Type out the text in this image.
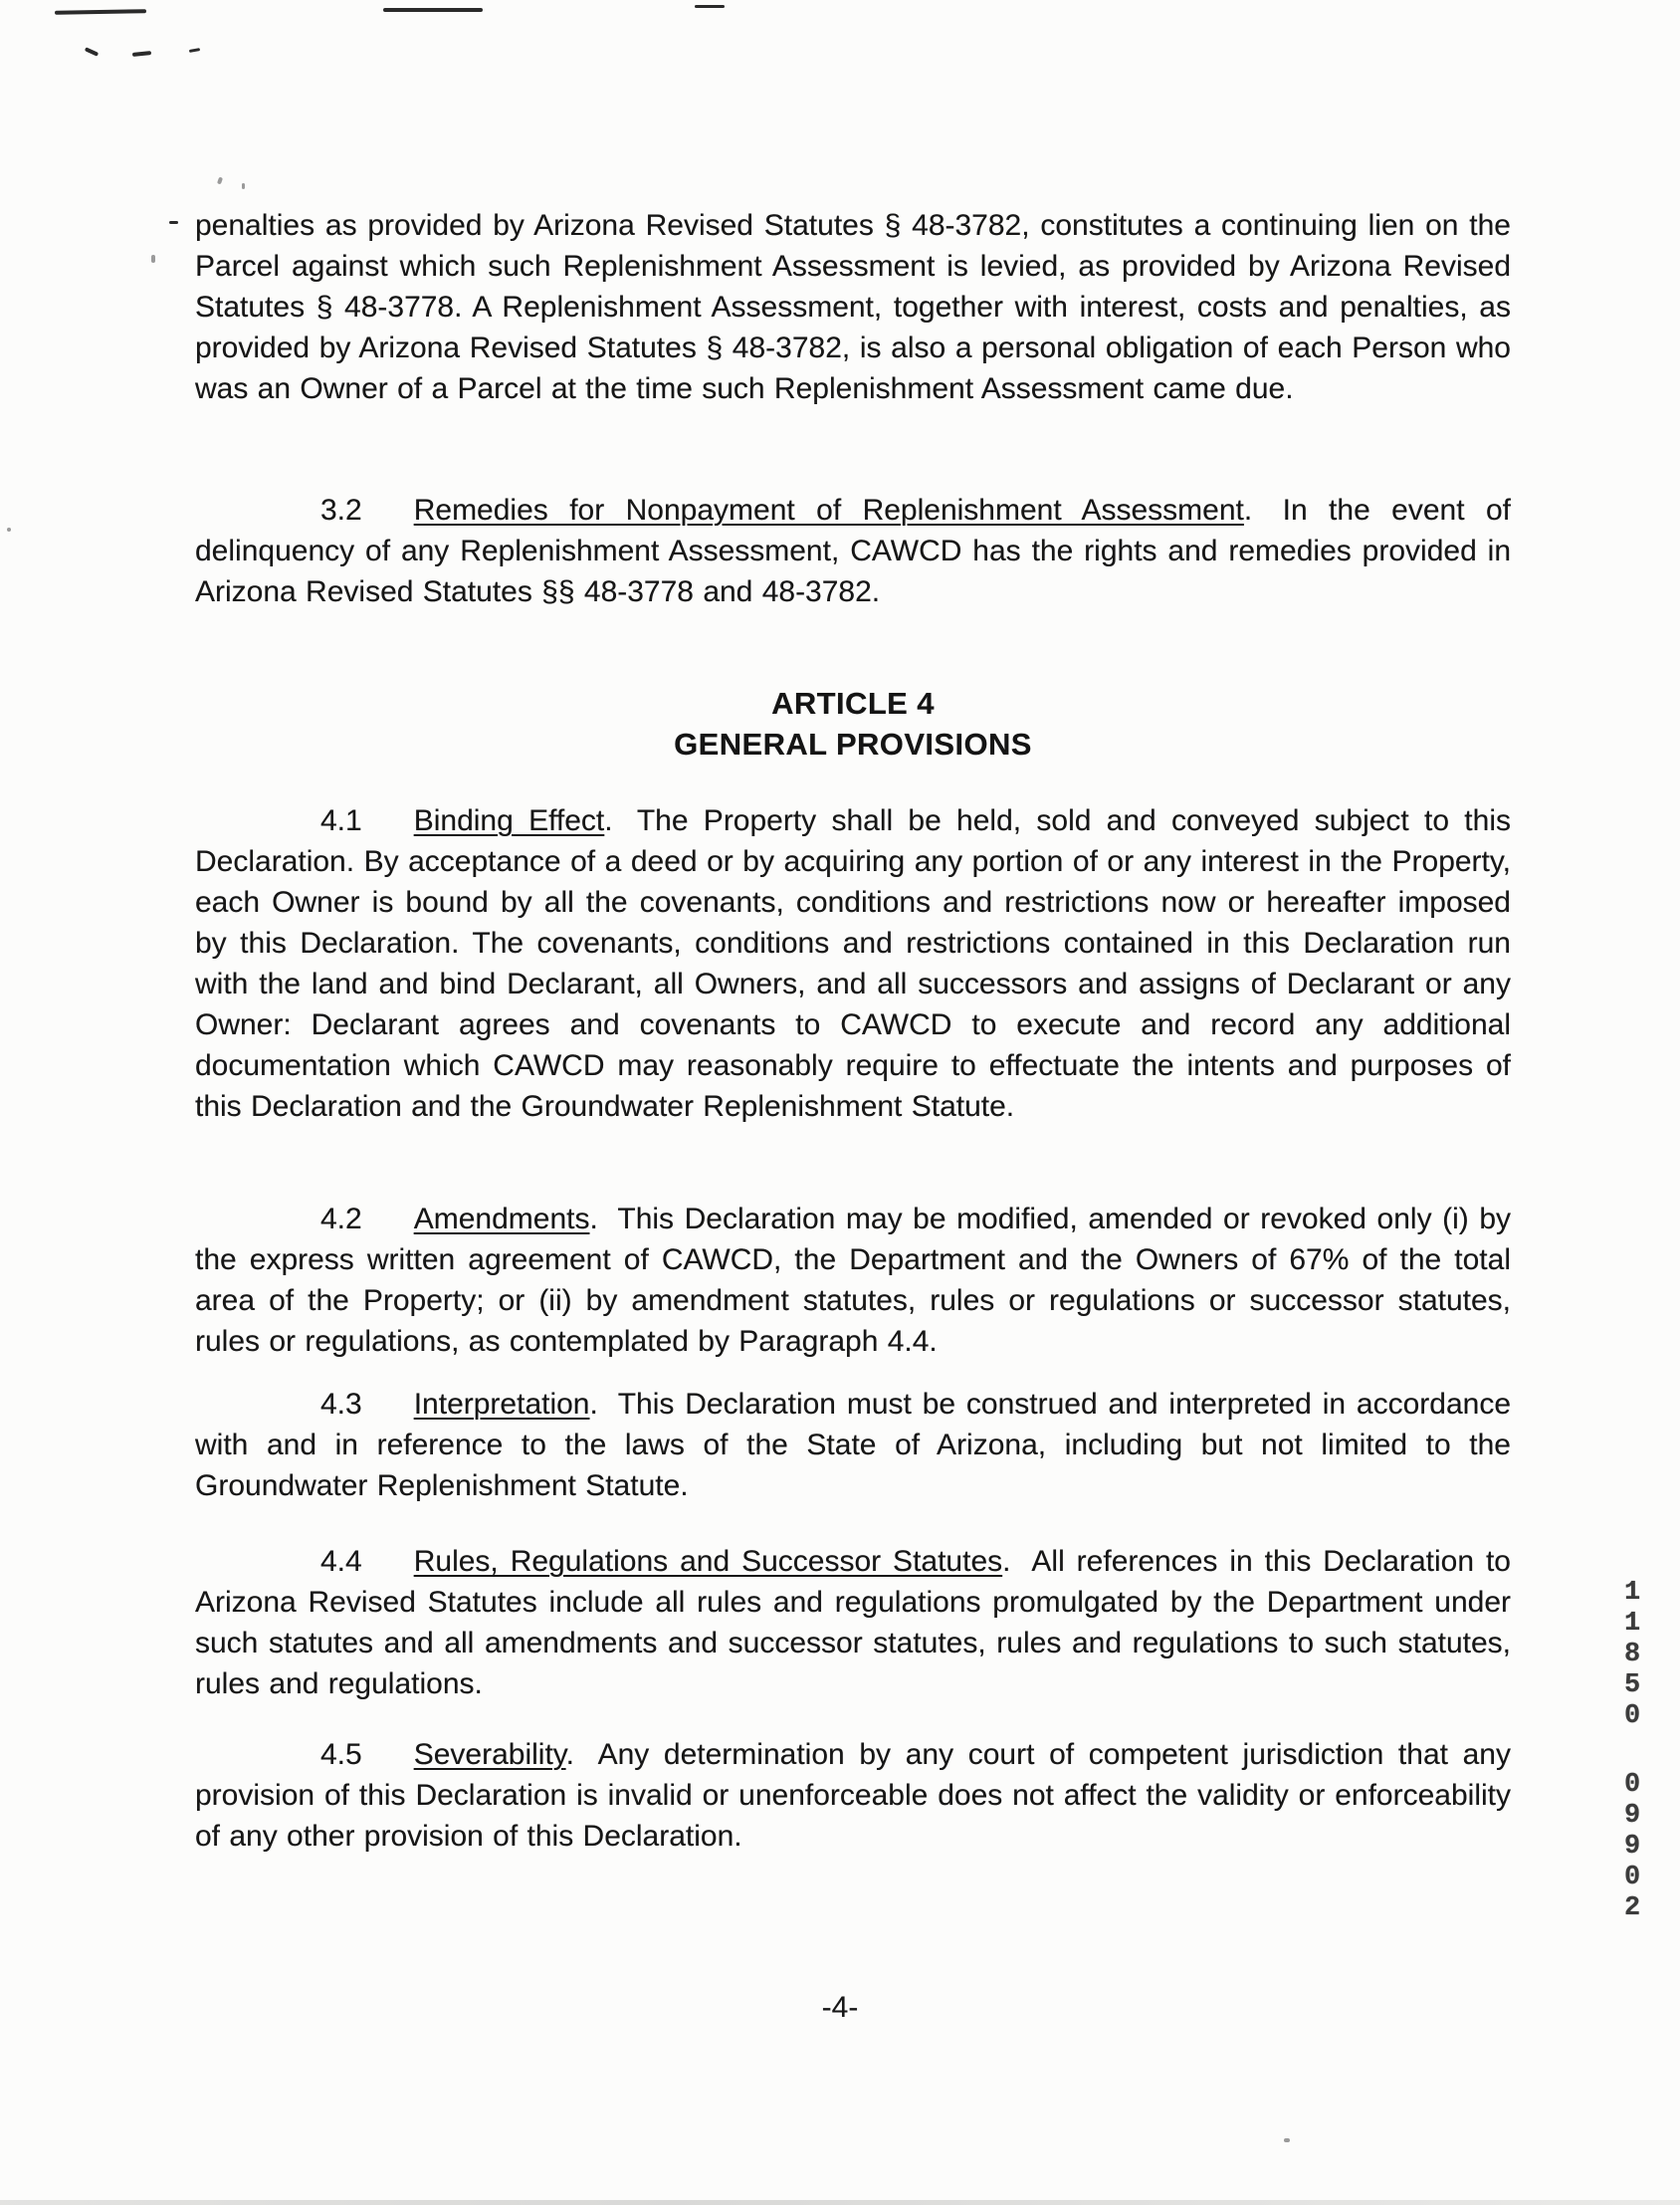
penalties as provided by Arizona Revised Statutes § 48-3782, constitutes a continuing lien on the Parcel against which such Replenishment Assessment is levied, as provided by Arizona Revised Statutes § 48-3778. A Replenishment Assessment, together with interest, costs and penalties, as provided by Arizona Revised Statutes § 48-3782, is also a personal obligation of each Person who was an Owner of a Parcel at the time such Replenishment Assessment came due.

3.2 Remedies for Nonpayment of Replenishment Assessment. In the event of delinquency of any Replenishment Assessment, CAWCD has the rights and remedies provided in Arizona Revised Statutes §§ 48-3778 and 48-3782.

ARTICLE 4
GENERAL PROVISIONS

4.1 Binding Effect. The Property shall be held, sold and conveyed subject to this Declaration. By acceptance of a deed or by acquiring any portion of or any interest in the Property, each Owner is bound by all the covenants, conditions and restrictions now or hereafter imposed by this Declaration. The covenants, conditions and restrictions contained in this Declaration run with the land and bind Declarant, all Owners, and all successors and assigns of Declarant or any Owner: Declarant agrees and covenants to CAWCD to execute and record any additional documentation which CAWCD may reasonably require to effectuate the intents and purposes of this Declaration and the Groundwater Replenishment Statute.

4.2 Amendments. This Declaration may be modified, amended or revoked only (i) by the express written agreement of CAWCD, the Department and the Owners of 67% of the total area of the Property; or (ii) by amendment statutes, rules or regulations or successor statutes, rules or regulations, as contemplated by Paragraph 4.4.

4.3 Interpretation. This Declaration must be construed and interpreted in accordance with and in reference to the laws of the State of Arizona, including but not limited to the Groundwater Replenishment Statute.

4.4 Rules, Regulations and Successor Statutes. All references in this Declaration to Arizona Revised Statutes include all rules and regulations promulgated by the Department under such statutes and all amendments and successor statutes, rules and regulations to such statutes, rules and regulations.

4.5 Severability. Any determination by any court of competent jurisdiction that any provision of this Declaration is invalid or unenforceable does not affect the validity or enforceability of any other provision of this Declaration.

11850
09902
-4-
